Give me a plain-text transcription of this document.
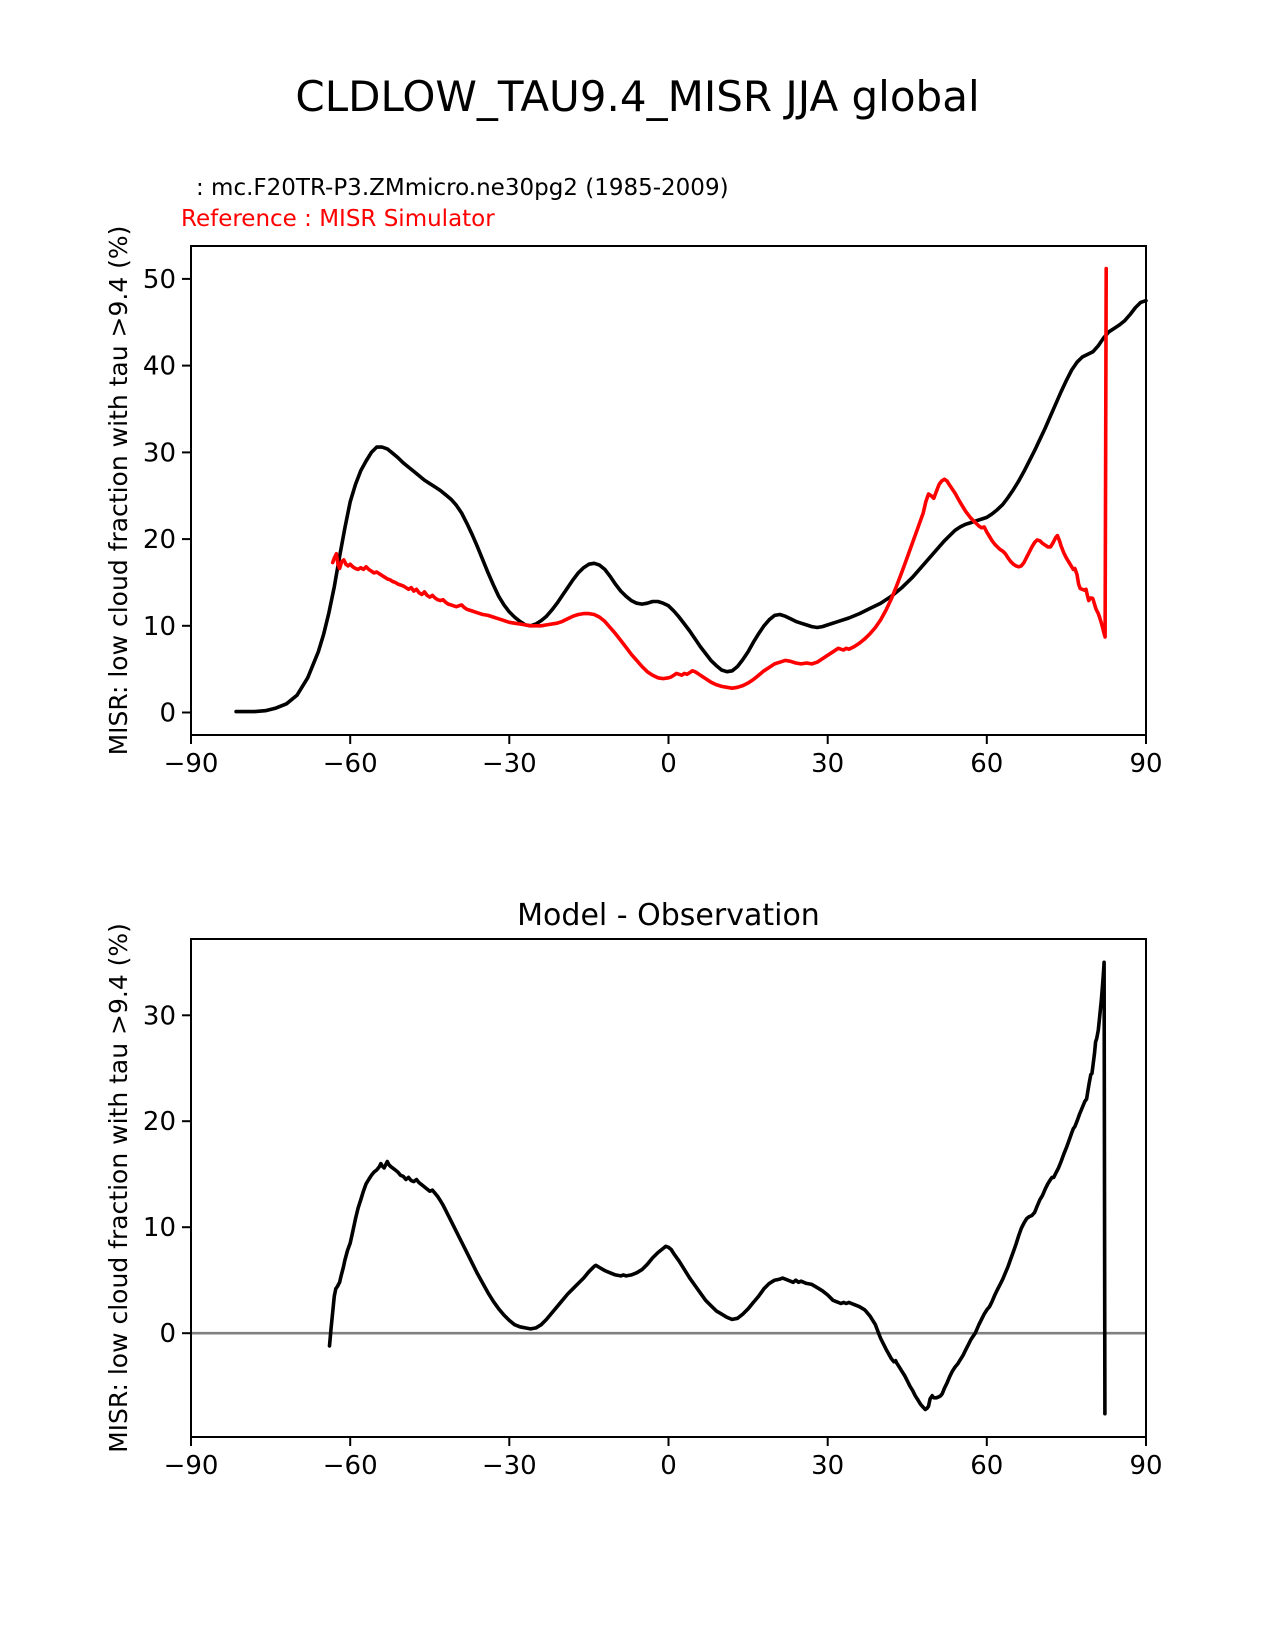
CLDLOW_TAU9.4_MISR JJA global
: mc.F20TR-P3.ZMmicro.ne30pg2 (1985-2009)
Reference : MISR Simulator
−90	−60	−30	0	30	60	90
0
10
20
30
40
50
MISR: low cloud fraction with tau >9.4 (%)
−90	−60	−30	0	30	60	90
0
10
20
30
MISR: low cloud fraction with tau >9.4 (%)
Model - Observation
